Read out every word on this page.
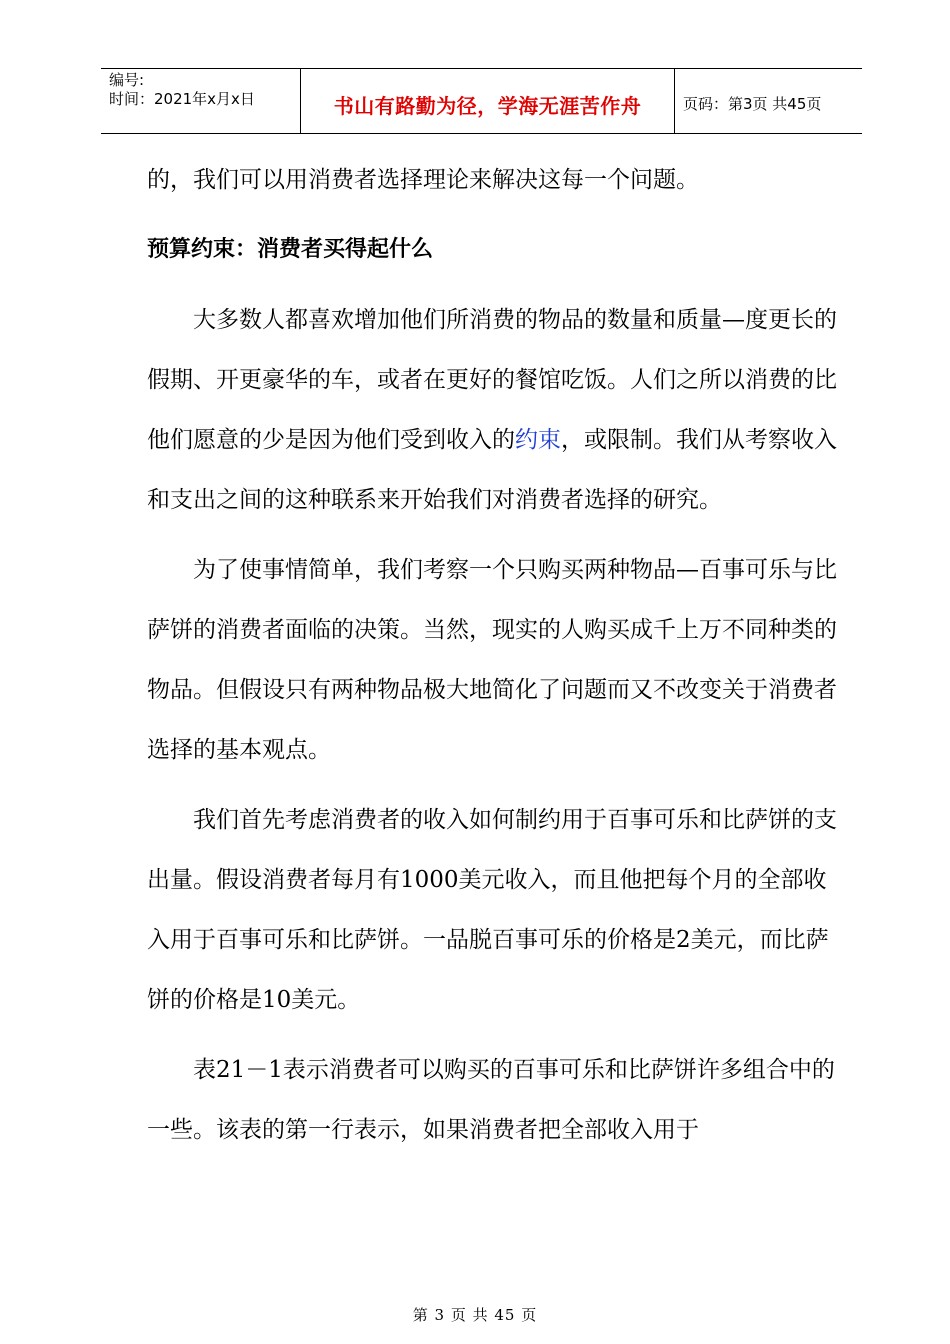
编号:
时间：2021年x月x日	书山有路勤为径，学海无涯苦作舟	页码：第3页 共45页

的，我们可以用消费者选择理论来解决这每一个问题。

预算约束：消费者买得起什么

大多数人都喜欢增加他们所消费的物品的数量和质量—度更长的假期、开更豪华的车，或者在更好的餐馆吃饭。人们之所以消费的比他们愿意的少是因为他们受到收入的约束，或限制。我们从考察收入和支出之间的这种联系来开始我们对消费者选择的研究。

为了使事情简单，我们考察一个只购买两种物品—百事可乐与比萨饼的消费者面临的决策。当然，现实的人购买成千上万不同种类的物品。但假设只有两种物品极大地简化了问题而又不改变关于消费者选择的基本观点。

我们首先考虑消费者的收入如何制约用于百事可乐和比萨饼的支出量。假设消费者每月有1000美元收入，而且他把每个月的全部收入用于百事可乐和比萨饼。一品脱百事可乐的价格是2美元，而比萨饼的价格是10美元。

表21－1表示消费者可以购买的百事可乐和比萨饼许多组合中的一些。该表的第一行表示，如果消费者把全部收入用于

第 3 页 共 45 页
